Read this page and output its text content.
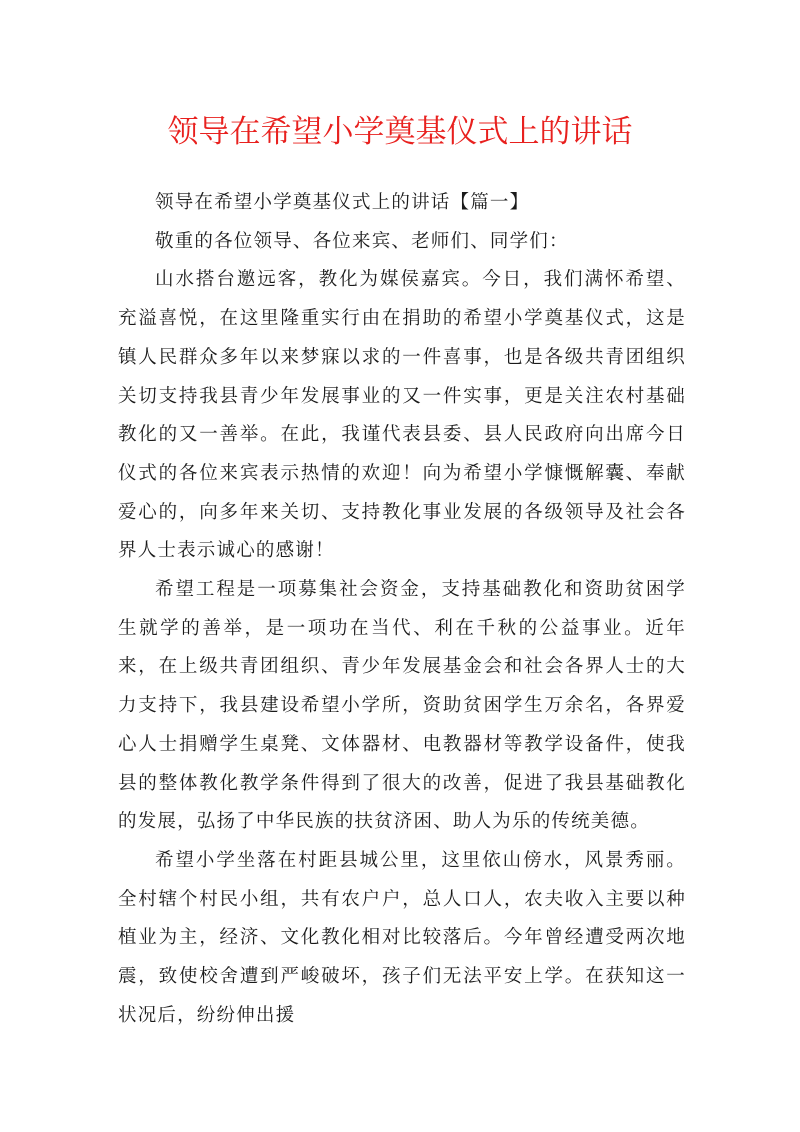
领导在希望小学奠基仪式上的讲话

领导在希望小学奠基仪式上的讲话【篇一】

敬重的各位领导、各位来宾、老师们、同学们：

山水搭台邀远客，教化为媒侯嘉宾。今日，我们满怀希望、充溢喜悦，在这里隆重实行由在捐助的希望小学奠基仪式，这是镇人民群众多年以来梦寐以求的一件喜事，也是各级共青团组织关切支持我县青少年发展事业的又一件实事，更是关注农村基础教化的又一善举。在此，我谨代表县委、县人民政府向出席今日仪式的各位来宾表示热情的欢迎！向为希望小学慷慨解囊、奉献爱心的，向多年来关切、支持教化事业发展的各级领导及社会各界人士表示诚心的感谢！

希望工程是一项募集社会资金，支持基础教化和资助贫困学生就学的善举，是一项功在当代、利在千秋的公益事业。近年来，在上级共青团组织、青少年发展基金会和社会各界人士的大力支持下，我县建设希望小学所，资助贫困学生万余名，各界爱心人士捐赠学生桌凳、文体器材、电教器材等教学设备件，使我县的整体教化教学条件得到了很大的改善，促进了我县基础教化的发展，弘扬了中华民族的扶贫济困、助人为乐的传统美德。

希望小学坐落在村距县城公里，这里依山傍水，风景秀丽。全村辖个村民小组，共有农户户，总人口人，农夫收入主要以种植业为主，经济、文化教化相对比较落后。今年曾经遭受两次地震，致使校舍遭到严峻破坏，孩子们无法平安上学。在获知这一状况后，纷纷伸出援
